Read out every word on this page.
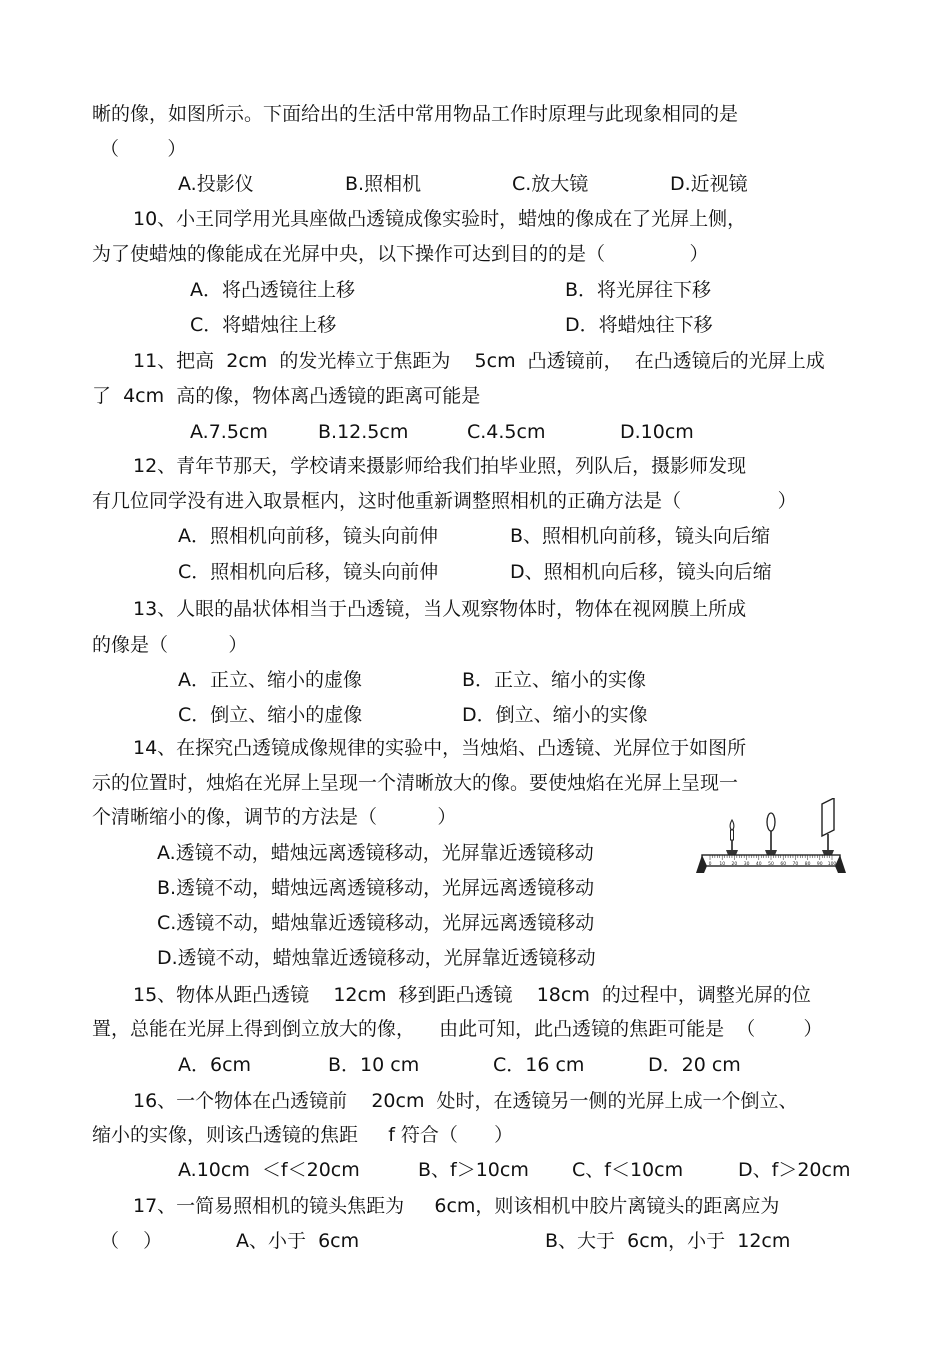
晰的像，如图所示。下面给出的生活中常用物品工作时原理与此现象相同的是
（        ）
A.投影仪	B.照相机	C.放大镜	D.近视镜
10、小王同学用光具座做凸透镜成像实验时，蜡烛的像成在了光屏上侧，
为了使蜡烛的像能成在光屏中央，以下操作可达到目的的是（              ）
A．将凸透镜往上移	B．将光屏往下移
C．将蜡烛往上移	D．将蜡烛往下移
11、把高  2cm  的发光棒立于焦距为    5cm  凸透镜前，  在凸透镜后的光屏上成
了  4cm  高的像，物体离凸透镜的距离可能是
A.7.5cm	B.12.5cm	C.4.5cm	D.10cm
12、青年节那天，学校请来摄影师给我们拍毕业照，列队后，摄影师发现
有几位同学没有进入取景框内，这时他重新调整照相机的正确方法是（                ）
A．照相机向前移，镜头向前伸	B、照相机向前移，镜头向后缩
C．照相机向后移，镜头向前伸	D、照相机向后移，镜头向后缩
13、人眼的晶状体相当于凸透镜，当人观察物体时，物体在视网膜上所成
的像是（          ）
A．正立、缩小的虚像	B．正立、缩小的实像
C．倒立、缩小的虚像	D．倒立、缩小的实像
14、在探究凸透镜成像规律的实验中，当烛焰、凸透镜、光屏位于如图所
示的位置时，烛焰在光屏上呈现一个清晰放大的像。要使烛焰在光屏上呈现一
个清晰缩小的像，调节的方法是（          ）
A.透镜不动，蜡烛远离透镜移动，光屏靠近透镜移动
B.透镜不动，蜡烛远离透镜移动，光屏远离透镜移动
C.透镜不动，蜡烛靠近透镜移动，光屏远离透镜移动
D.透镜不动，蜡烛靠近透镜移动，光屏靠近透镜移动
0 10 20 30 40 50 60 70 80 90 100
15、物体从距凸透镜    12cm  移到距凸透镜    18cm  的过程中，调整光屏的位
置，总能在光屏上得到倒立放大的像，    由此可知，此凸透镜的焦距可能是  （        ）
A．6cm	B．10 cm	C．16 cm	D．20 cm
16、一个物体在凸透镜前    20cm  处时，在透镜另一侧的光屏上成一个倒立、
缩小的实像，则该凸透镜的焦距     f 符合（      ）
A.10cm  ＜f＜20cm	B、f＞10cm C、f＜10cm	D、f＞20cm
17、一简易照相机的镜头焦距为     6cm，则该相机中胶片离镜头的距离应为
（    ）	A、小于  6cm	B、大于  6cm，小于  12cm
